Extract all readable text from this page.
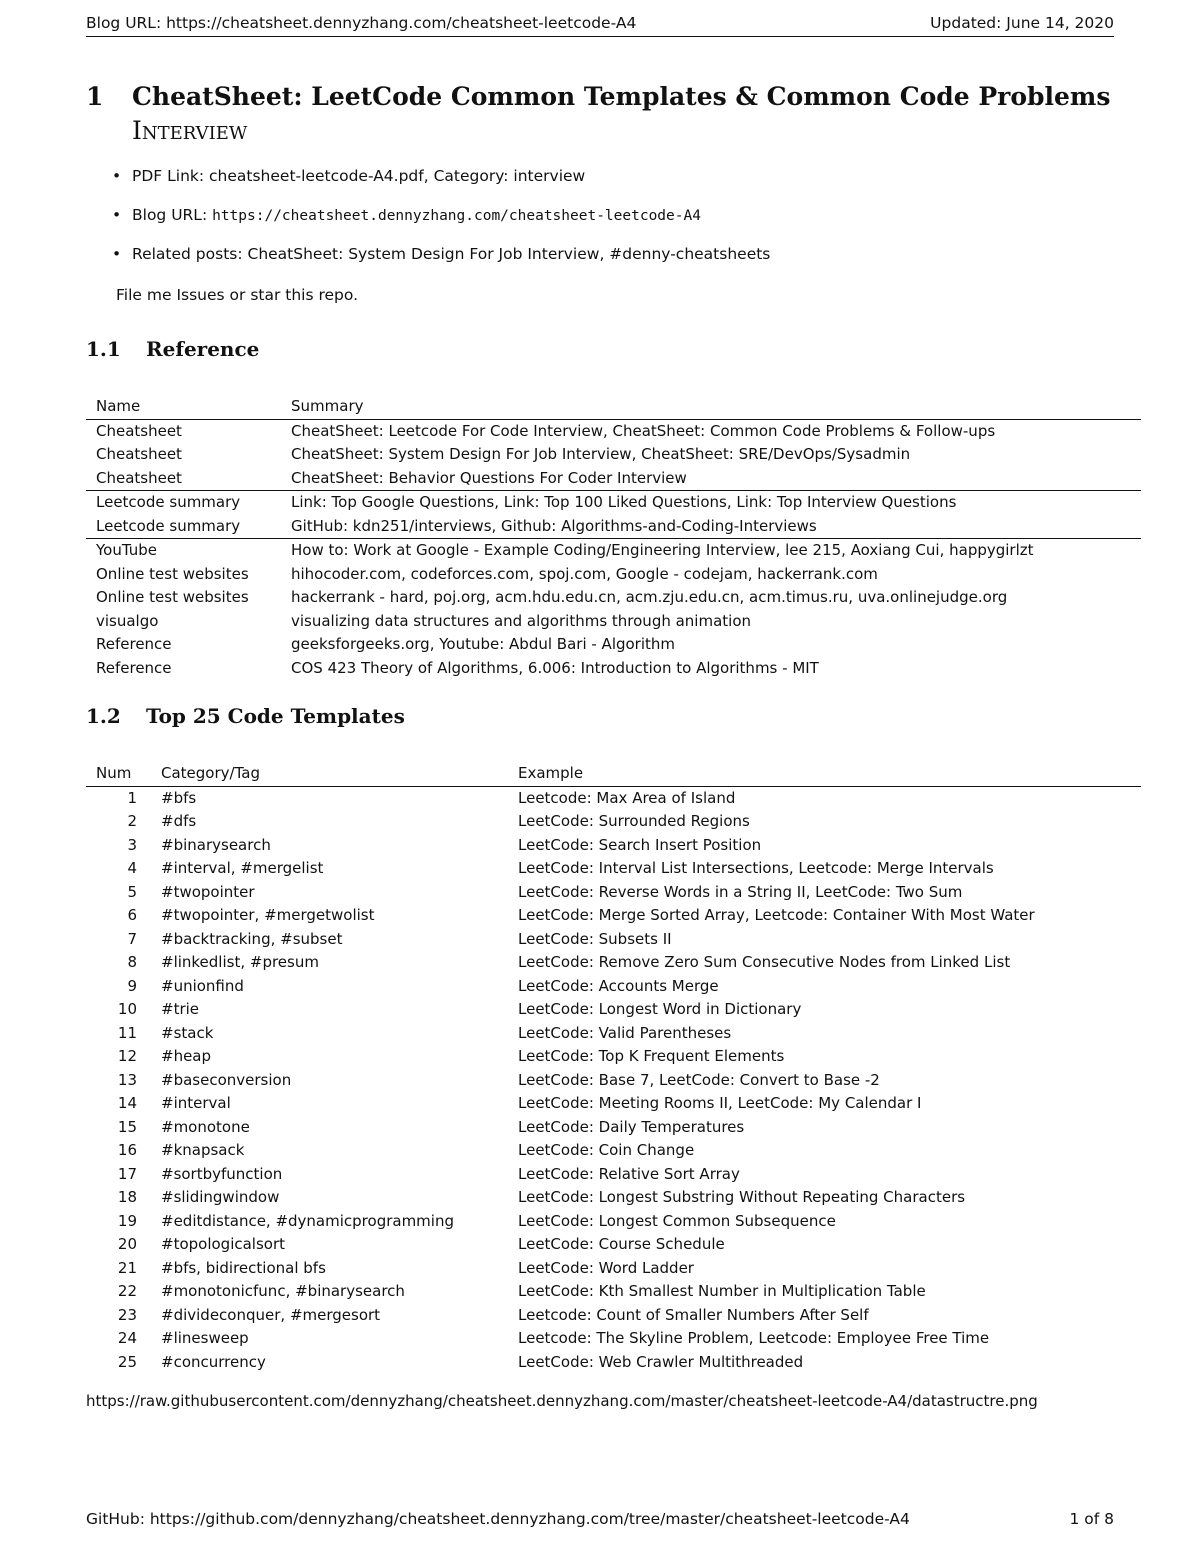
Blog URL: https://cheatsheet.dennyzhang.com/cheatsheet-leetcode-A4	Updated: June 14, 2020
1	CheatSheet: LeetCode Common Templates & Common Code Problems
Interview
• PDF Link: cheatsheet-leetcode-A4.pdf, Category: interview
• Blog URL: https://cheatsheet.dennyzhang.com/cheatsheet-leetcode-A4
• Related posts: CheatSheet: System Design For Job Interview, #denny-cheatsheets
File me Issues or star this repo.
1.1 Reference
Name	Summary
Cheatsheet	CheatSheet: Leetcode For Code Interview, CheatSheet: Common Code Problems & Follow-ups
Cheatsheet	CheatSheet: System Design For Job Interview, CheatSheet: SRE/DevOps/Sysadmin
Cheatsheet	CheatSheet: Behavior Questions For Coder Interview
Leetcode summary	Link: Top Google Questions, Link: Top 100 Liked Questions, Link: Top Interview Questions
Leetcode summary	GitHub: kdn251/interviews, Github: Algorithms-and-Coding-Interviews
YouTube	How to: Work at Google - Example Coding/Engineering Interview, lee 215, Aoxiang Cui, happygirlzt
Online test websites	hihocoder.com, codeforces.com, spoj.com, Google - codejam, hackerrank.com
Online test websites	hackerrank - hard, poj.org, acm.hdu.edu.cn, acm.zju.edu.cn, acm.timus.ru, uva.onlinejudge.org
visualgo	visualizing data structures and algorithms through animation
Reference	geeksforgeeks.org, Youtube: Abdul Bari - Algorithm
Reference	COS 423 Theory of Algorithms, 6.006: Introduction to Algorithms - MIT
1.2 Top 25 Code Templates
Num	Category/Tag	Example
1	#bfs	Leetcode: Max Area of Island
2	#dfs	LeetCode: Surrounded Regions
3	#binarysearch	LeetCode: Search Insert Position
4	#interval, #mergelist	LeetCode: Interval List Intersections, Leetcode: Merge Intervals
5	#twopointer	LeetCode: Reverse Words in a String II, LeetCode: Two Sum
6	#twopointer, #mergetwolist	LeetCode: Merge Sorted Array, Leetcode: Container With Most Water
7	#backtracking, #subset	LeetCode: Subsets II
8	#linkedlist, #presum	LeetCode: Remove Zero Sum Consecutive Nodes from Linked List
9	#unionfind	LeetCode: Accounts Merge
10	#trie	LeetCode: Longest Word in Dictionary
11	#stack	LeetCode: Valid Parentheses
12	#heap	LeetCode: Top K Frequent Elements
13	#baseconversion	LeetCode: Base 7, LeetCode: Convert to Base -2
14	#interval	LeetCode: Meeting Rooms II, LeetCode: My Calendar I
15	#monotone	LeetCode: Daily Temperatures
16	#knapsack	LeetCode: Coin Change
17	#sortbyfunction	LeetCode: Relative Sort Array
18	#slidingwindow	LeetCode: Longest Substring Without Repeating Characters
19	#editdistance, #dynamicprogramming	LeetCode: Longest Common Subsequence
20	#topologicalsort	LeetCode: Course Schedule
21	#bfs, bidirectional bfs	LeetCode: Word Ladder
22	#monotonicfunc, #binarysearch	LeetCode: Kth Smallest Number in Multiplication Table
23	#divideconquer, #mergesort	Leetcode: Count of Smaller Numbers After Self
24	#linesweep	Leetcode: The Skyline Problem, Leetcode: Employee Free Time
25	#concurrency	LeetCode: Web Crawler Multithreaded
https://raw.githubusercontent.com/dennyzhang/cheatsheet.dennyzhang.com/master/cheatsheet-leetcode-A4/datastructre.png
GitHub: https://github.com/dennyzhang/cheatsheet.dennyzhang.com/tree/master/cheatsheet-leetcode-A4	1 of 8
